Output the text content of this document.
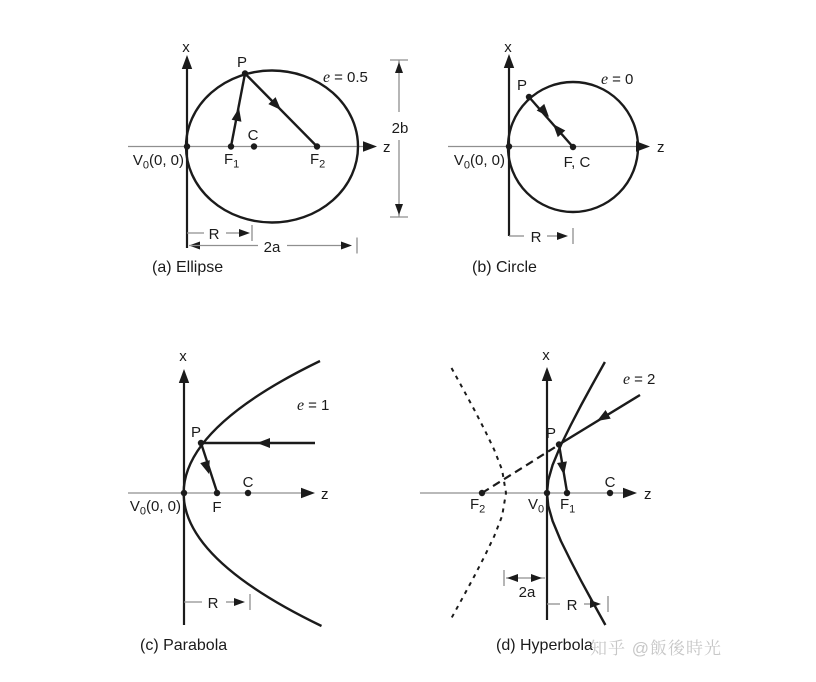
x
z
P
e = 0.5
C
$F_1$	$F_2$
$V_0(0$, 0)
2b
R
2a
(a) Ellipse
x
z
P	e = 0
F, C
$V_0(0$, 0)
R
(b) Circle
x
z
P
e = 1
C
F
$V_0(0$, 0)
R
(c) Parabola
x
z
P
e = 2
C
$F_2$	$V_0$ $F_1$
2a
R
(d) Hyperbola
知乎 @飯後時光
